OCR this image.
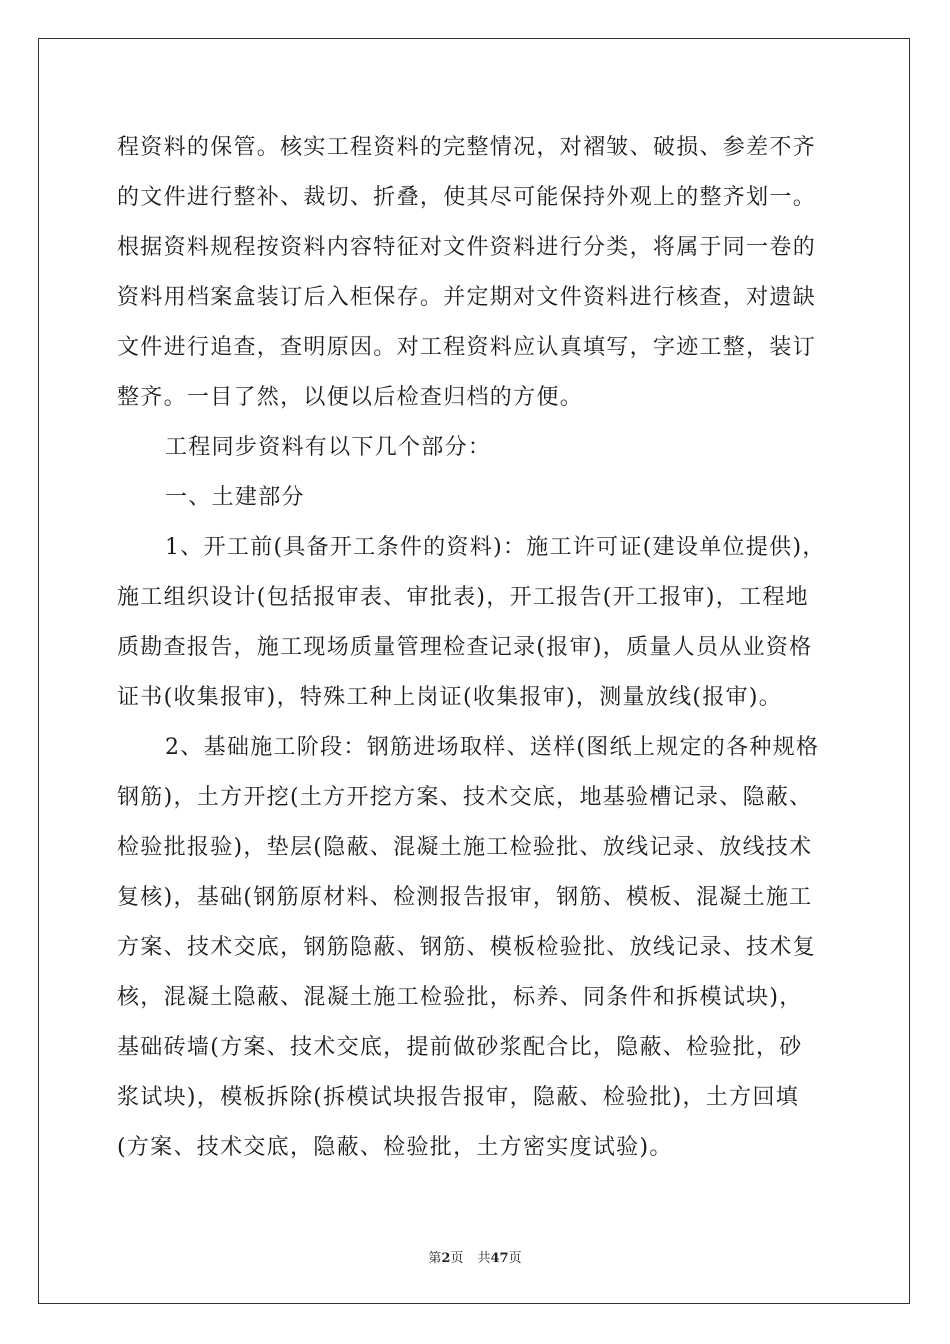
程资料的保管。核实工程资料的完整情况，对褶皱、破损、参差不齐
的文件进行整补、裁切、折叠，使其尽可能保持外观上的整齐划一。
根据资料规程按资料内容特征对文件资料进行分类，将属于同一卷的
资料用档案盒装订后入柜保存。并定期对文件资料进行核查，对遗缺
文件进行追查，查明原因。对工程资料应认真填写，字迹工整，装订
整齐。一目了然，以便以后检查归档的方便。
工程同步资料有以下几个部分：
一、土建部分
1、开工前(具备开工条件的资料)：施工许可证(建设单位提供)，
施工组织设计(包括报审表、审批表)，开工报告(开工报审)，工程地
质勘查报告，施工现场质量管理检查记录(报审)，质量人员从业资格
证书(收集报审)，特殊工种上岗证(收集报审)，测量放线(报审)。
2、基础施工阶段：钢筋进场取样、送样(图纸上规定的各种规格
钢筋)，土方开挖(土方开挖方案、技术交底，地基验槽记录、隐蔽、
检验批报验)，垫层(隐蔽、混凝土施工检验批、放线记录、放线技术
复核)，基础(钢筋原材料、检测报告报审，钢筋、模板、混凝土施工
方案、技术交底，钢筋隐蔽、钢筋、模板检验批、放线记录、技术复
核，混凝土隐蔽、混凝土施工检验批，标养、同条件和拆模试块)，
基础砖墙(方案、技术交底，提前做砂浆配合比，隐蔽、检验批，砂
浆试块)，模板拆除(拆模试块报告报审，隐蔽、检验批)，土方回填
(方案、技术交底，隐蔽、检验批，土方密实度试验)。
第2页 共47页
